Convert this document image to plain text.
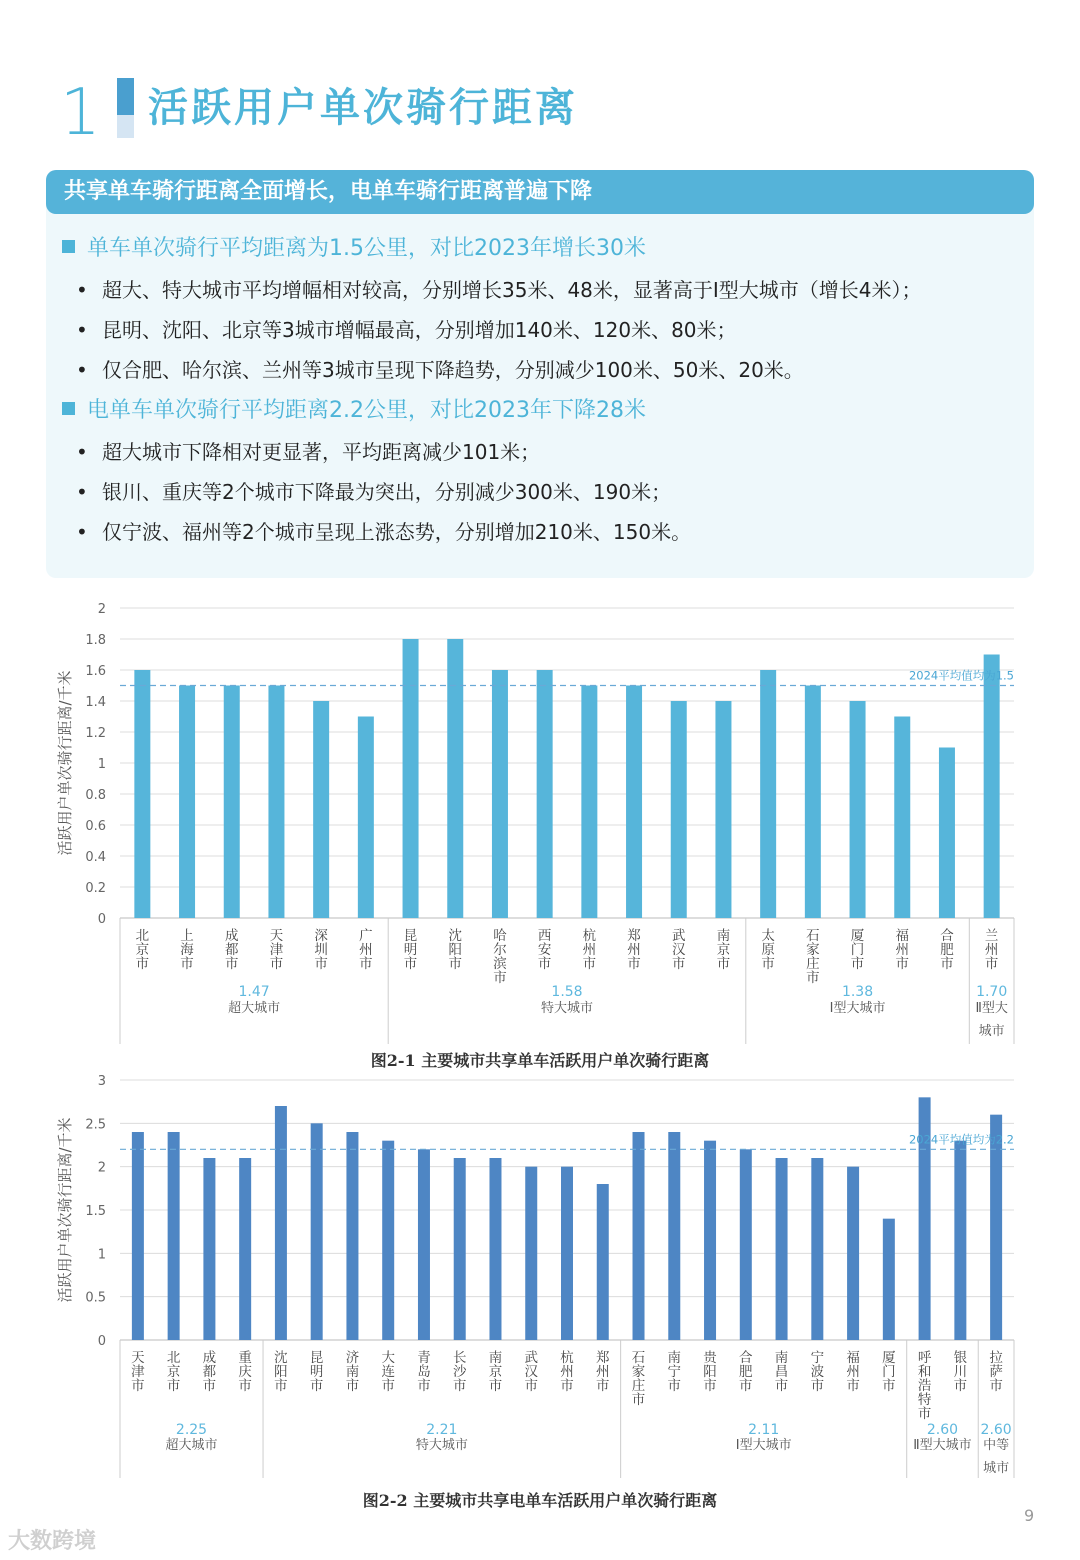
1 活跃用户单次骑行距离
共享单车骑行距离全面增长，电单车骑行距离普遍下降
单车单次骑行平均距离为1.5公里，对比2023年增长30米
• 超大、特大城市平均增幅相对较高，分别增长35米、48米，显著高于I型大城市（增长4米）；
• 昆明、沈阳、北京等3城市增幅最高，分别增加140米、120米、80米；
• 仅合肥、哈尔滨、兰州等3城市呈现下降趋势，分别减少100米、50米、20米。
电单车单次骑行平均距离2.2公里，对比2023年下降28米
• 超大城市下降相对更显著，平均距离减少101米；
• 银川、重庆等2个城市下降最为突出，分别减少300米、190米；
• 仅宁波、福州等2个城市呈现上涨态势，分别增加210米、150米。
0
0.2
0.4
0.6
0.8
1
1.2
1.4
1.6
1.8
2
活跃用户单次骑行距离/千米	2024平均值均为1.5
北京市
上海市
成都市
天津市
深圳市
广州市
昆明市
沈阳市
哈尔滨市
西安市
杭州市
郑州市
武汉市
南京市
太原市
石家庄市
厦门市
福州市
合肥市
兰州市
1.47
超大城市
1.58
特大城市
1.38
Ⅰ型大城市
1.70
Ⅱ型大
城市
图2-1 主要城市共享单车活跃用户单次骑行距离
0
0.5
1
1.5
2
2.5
3
活跃用户单次骑行距离/千米	2024平均值均为2.2
天津市
北京市
成都市
重庆市
沈阳市
昆明市
济南市
大连市
青岛市
长沙市
南京市
武汉市
杭州市
郑州市
石家庄市
南宁市
贵阳市
合肥市
南昌市
宁波市
福州市
厦门市
呼和浩特市
银川市
拉萨市
2.25
超大城市
2.21
特大城市
2.11
Ⅰ型大城市
2.60
Ⅱ型大城市
2.60
中等
城市
图2-2 主要城市共享电单车活跃用户单次骑行距离
9
大数跨境
